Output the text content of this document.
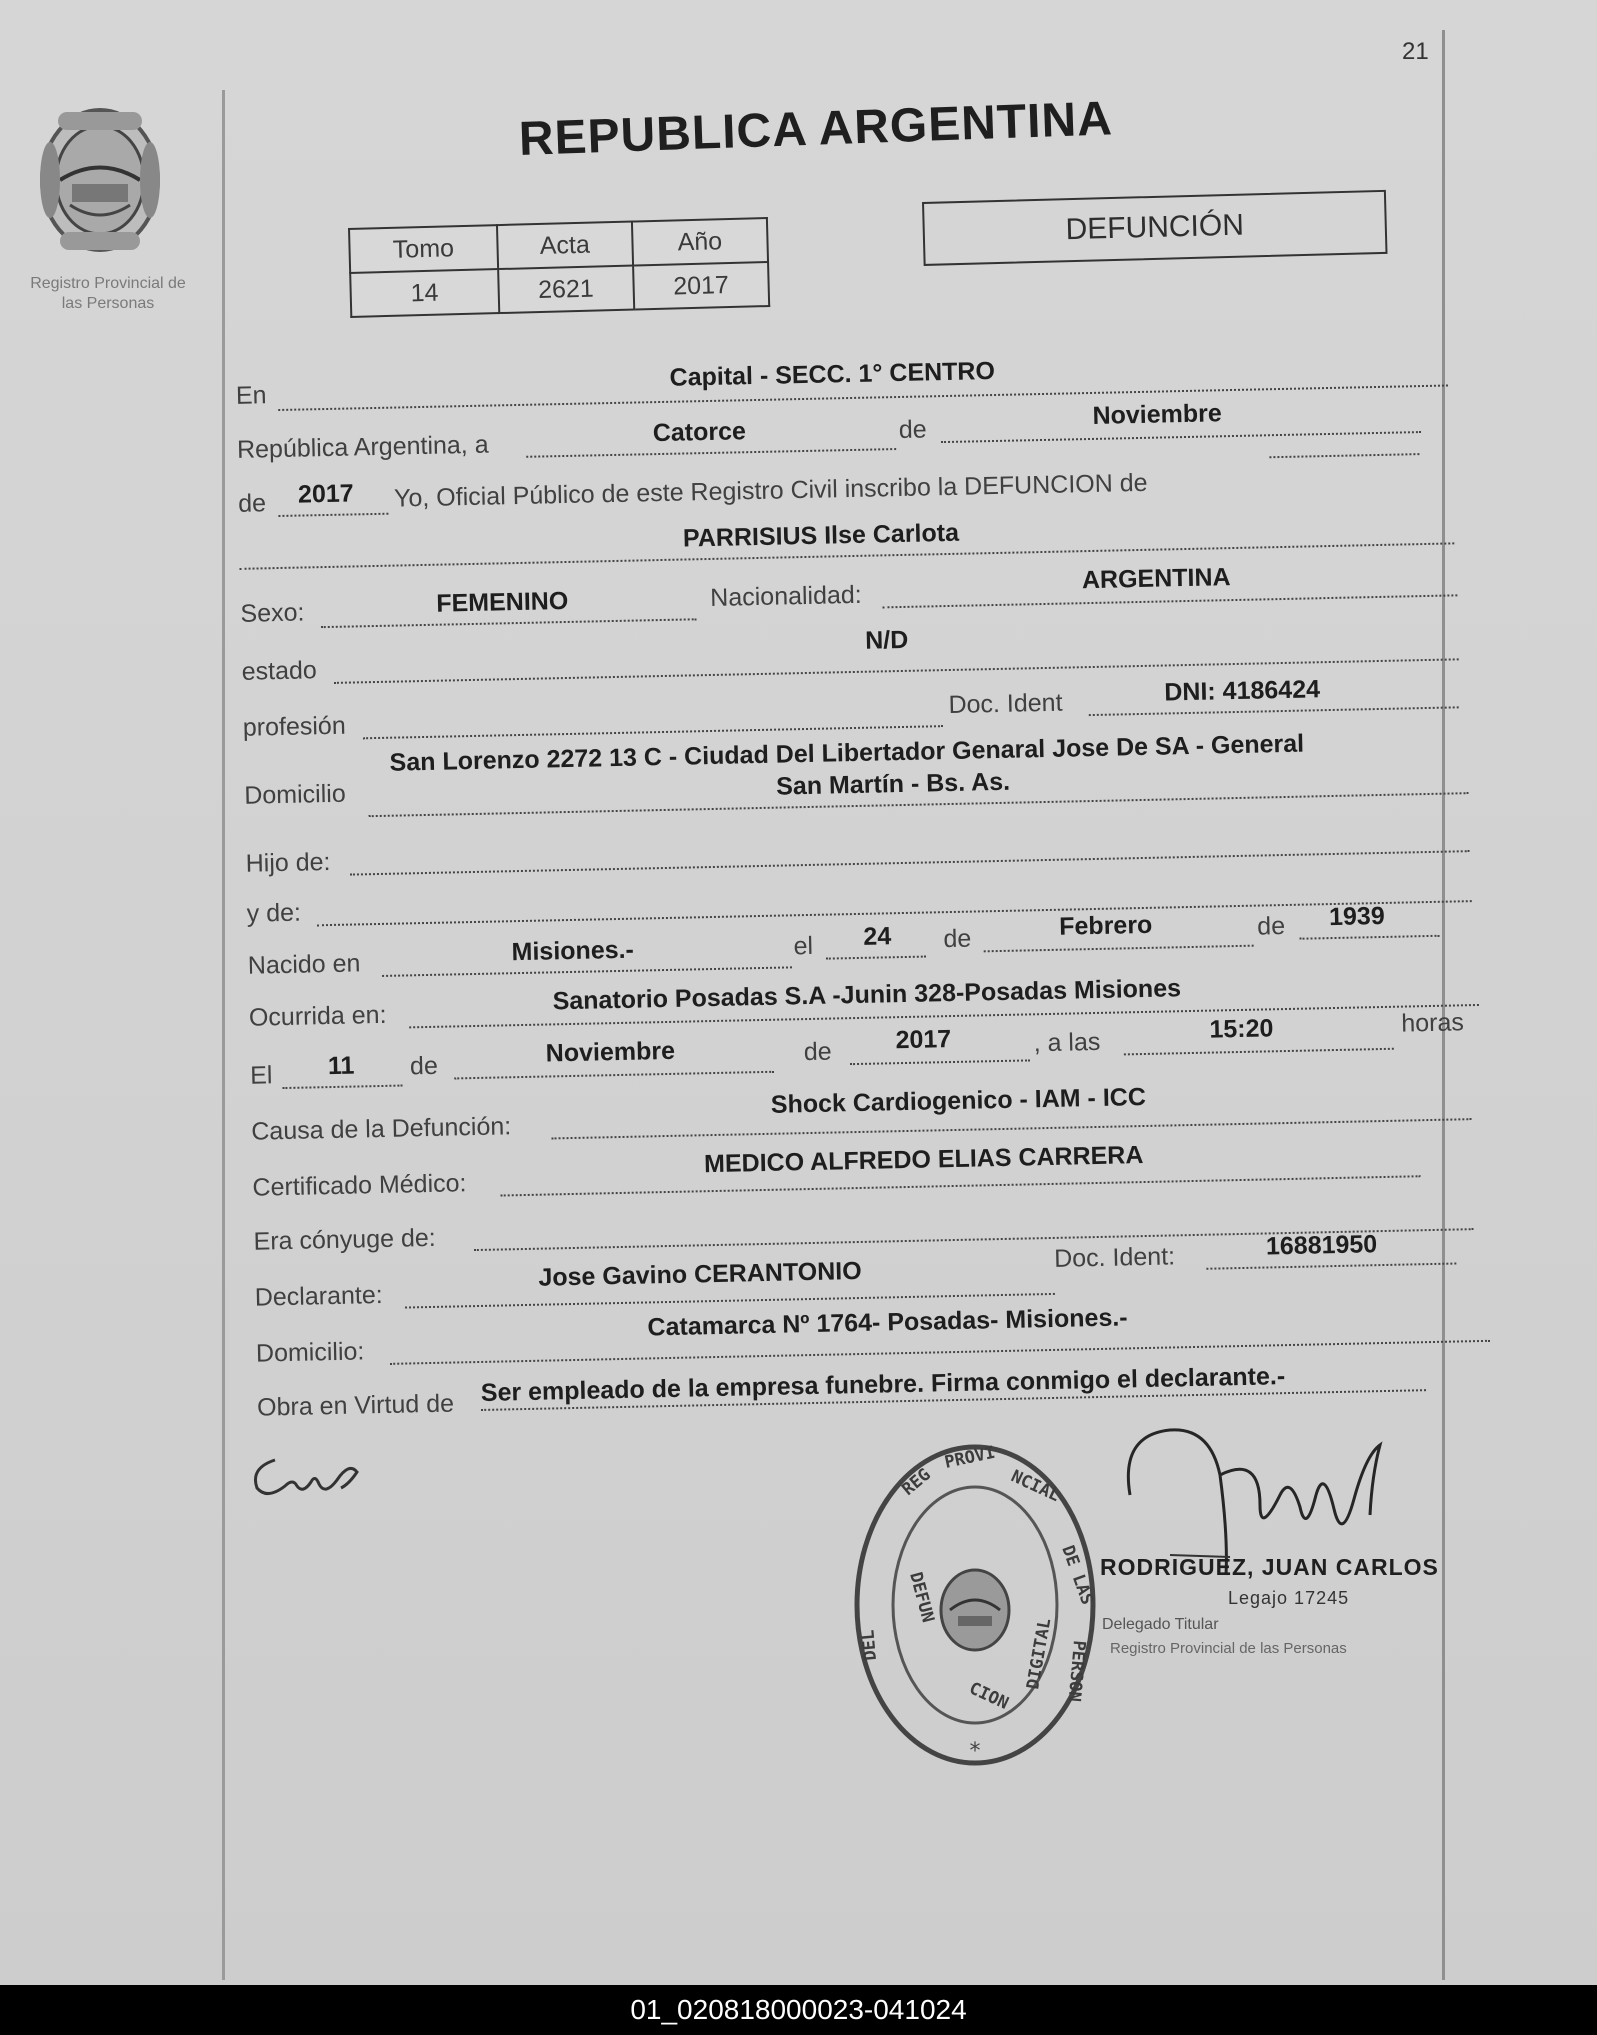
21
Registro Provincial de
las Personas
REPUBLICA ARGENTINA
Tomo	Acta	Año
14	2621	2017
DEFUNCIÓN
En
Capital - SECC. 1° CENTRO
República Argentina, a	Catorce	de	Noviembre
de 2017 Yo, Oficial Público de este Registro Civil inscribo la DEFUNCION de
PARRISIUS Ilse Carlota
Sexo:	FEMENINO	Nacionalidad:
ARGENTINA
estado
N/D
profesión
Doc. Ident	DNI: 4186424
San Lorenzo 2272 13 C - Ciudad Del Libertador Genaral Jose De SA - General
Domicilio	San Martín - Bs. As.
Hijo de:
y de:
Nacido en	Misiones.-	el 24 de	Febrero	de 1939
Ocurrida en:
Sanatorio Posadas S.A -Junin 328-Posadas Misiones
El 11 de	Noviembre	de	2017	, a las	15:20	horas
Causa de la Defunción:
Shock Cardiogenico - IAM - ICC
Certificado Médico:
MEDICO ALFREDO ELIAS CARRERA
Era cónyuge de:
Declarante:
Jose Gavino CERANTONIO	Doc. Ident:	16881950
Domicilio:
Catamarca Nº 1764- Posadas- Misiones.-
Obra en Virtud de Ser empleado de la empresa funebre. Firma conmigo el declarante.-
*
REG
PROVI
NCIAL
DE LAS
PERSON
DEL
DEFUN
CION
DIGITAL
RODRIGUEZ, JUAN CARLOS
Legajo 17245
Delegado Titular
Registro Provincial de las Personas
01_020818000023-041024
